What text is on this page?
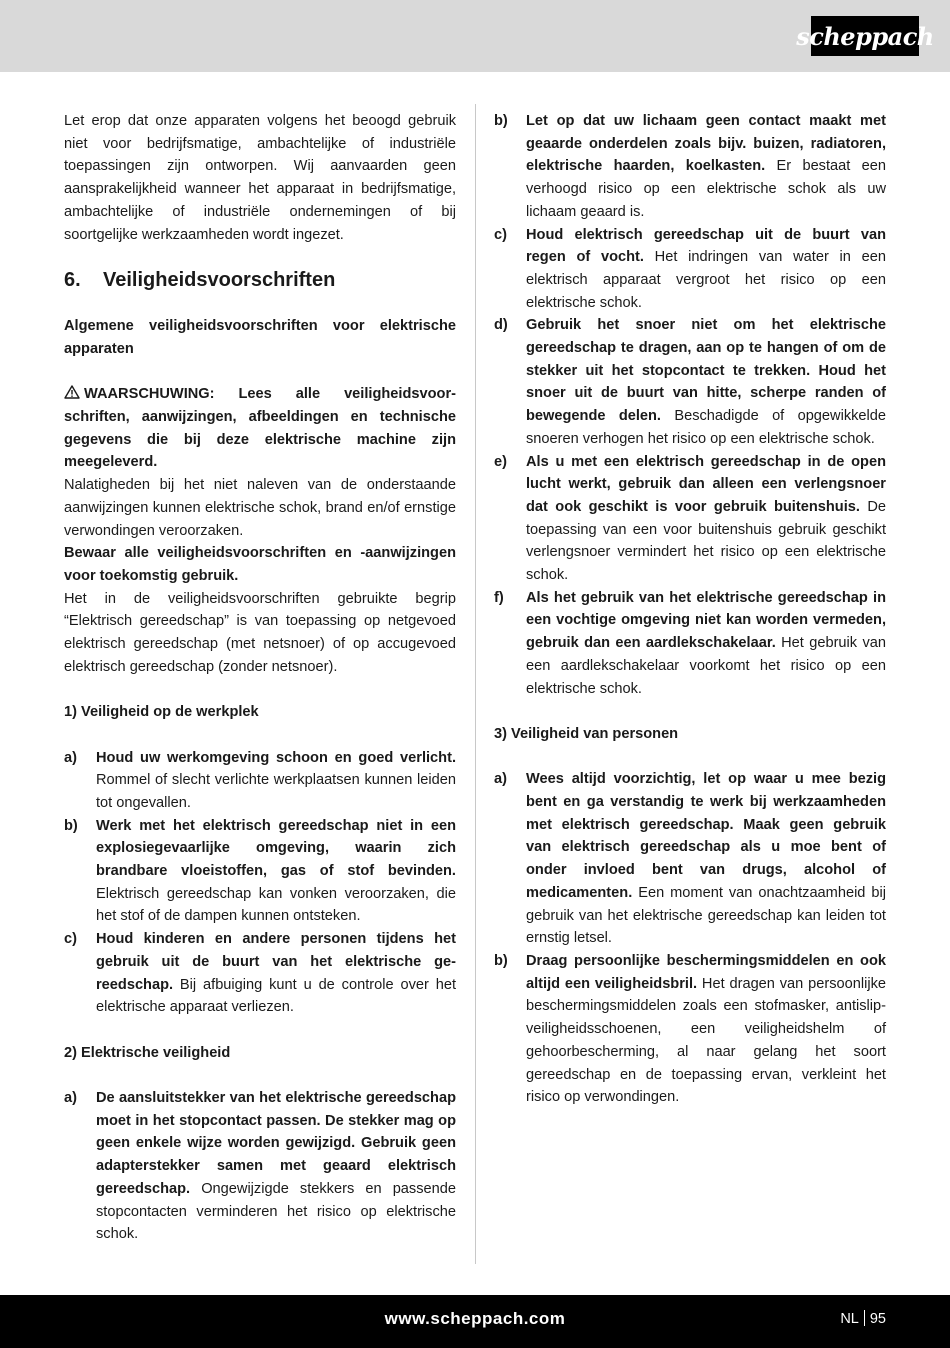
scheppach

Let erop dat onze apparaten volgens het beoogd gebruik niet voor bedrijfsmatige, ambachtelijke of industriële toepassingen zijn ontworpen. Wij aanvaarden geen aansprakelijkheid wanneer het apparaat in bedrijfsmatige, ambachtelijke of industriële ondernemingen of bij soortgelijke werkzaamheden wordt ingezet.

6.	Veiligheidsvoorschriften

Algemene veiligheidsvoorschriften voor elektrische apparaten

WAARSCHUWING: Lees alle veiligheidsvoorschriften, aanwijzingen, afbeeldingen en technische gegevens die bij deze elektrische machine zijn meegeleverd.

Nalatigheden bij het niet naleven van de onderstaande aanwijzingen kunnen elektrische schok, brand en/of ernstige verwondingen veroorzaken.

Bewaar alle veiligheidsvoorschriften en -aanwijzingen voor toekomstig gebruik.

Het in de veiligheidsvoorschriften gebruikte begrip “Elektrisch gereedschap” is van toepassing op netgevoed elektrisch gereedschap (met netsnoer) of op accugevoed elektrisch gereedschap (zonder netsnoer).

1) Veiligheid op de werkplek

a)	Houd uw werkomgeving schoon en goed verlicht. Rommel of slecht verlichte werkplaatsen kunnen leiden tot ongevallen.
b)	Werk met het elektrisch gereedschap niet in een explosiegevaarlijke omgeving, waarin zich brandbare vloeistoffen, gas of stof bevinden. Elektrisch gereedschap kan vonken veroorzaken, die het stof of de dampen kunnen ontsteken.
c)	Houd kinderen en andere personen tijdens het gebruik uit de buurt van het elektrische gereedschap. Bij afbuiging kunt u de controle over het elektrische apparaat verliezen.

2) Elektrische veiligheid

a)	De aansluitstekker van het elektrische gereedschap moet in het stopcontact passen. De stekker mag op geen enkele wijze worden gewijzigd. Gebruik geen adapterstekker samen met geaard elektrisch gereedschap. Ongewijzigde stekkers en passende stopcontacten verminderen het risico op elektrische schok.
b)	Let op dat uw lichaam geen contact maakt met geaarde onderdelen zoals bijv. buizen, radiatoren, elektrische haarden, koelkasten. Er bestaat een verhoogd risico op een elektrische schok als uw lichaam geaard is.
c)	Houd elektrisch gereedschap uit de buurt van regen of vocht. Het indringen van water in een elektrisch apparaat vergroot het risico op een elektrische schok.
d)	Gebruik het snoer niet om het elektrische gereedschap te dragen, aan op te hangen of om de stekker uit het stopcontact te trekken. Houd het snoer uit de buurt van hitte, scherpe randen of bewegende delen. Beschadigde of opgewikkelde snoeren verhogen het risico op een elektrische schok.
e)	Als u met een elektrisch gereedschap in de open lucht werkt, gebruik dan alleen een verlengsnoer dat ook geschikt is voor gebruik buitenshuis. De toepassing van een voor buitenshuis gebruik geschikt verlengsnoer vermindert het risico op een elektrische schok.
f)	Als het gebruik van het elektrische gereedschap in een vochtige omgeving niet kan worden vermeden, gebruik dan een aardlekschakelaar. Het gebruik van een aardlekschakelaar voorkomt het risico op een elektrische schok.

3) Veiligheid van personen

a)	Wees altijd voorzichtig, let op waar u mee bezig bent en ga verstandig te werk bij werkzaamheden met elektrisch gereedschap. Maak geen gebruik van elektrisch gereedschap als u moe bent of onder invloed bent van drugs, alcohol of medicamenten. Een moment van onachtzaamheid bij gebruik van het elektrische gereedschap kan leiden tot ernstig letsel.
b)	Draag persoonlijke beschermingsmiddelen en ook altijd een veiligheidsbril. Het dragen van persoonlijke beschermingsmiddelen zoals een stofmasker, antislip-veiligheidsschoenen, een veiligheidshelm of gehoorbescherming, al naar gelang het soort gereedschap en de toepassing ervan, verkleint het risico op verwondingen.
www.scheppach.com	NL 95
